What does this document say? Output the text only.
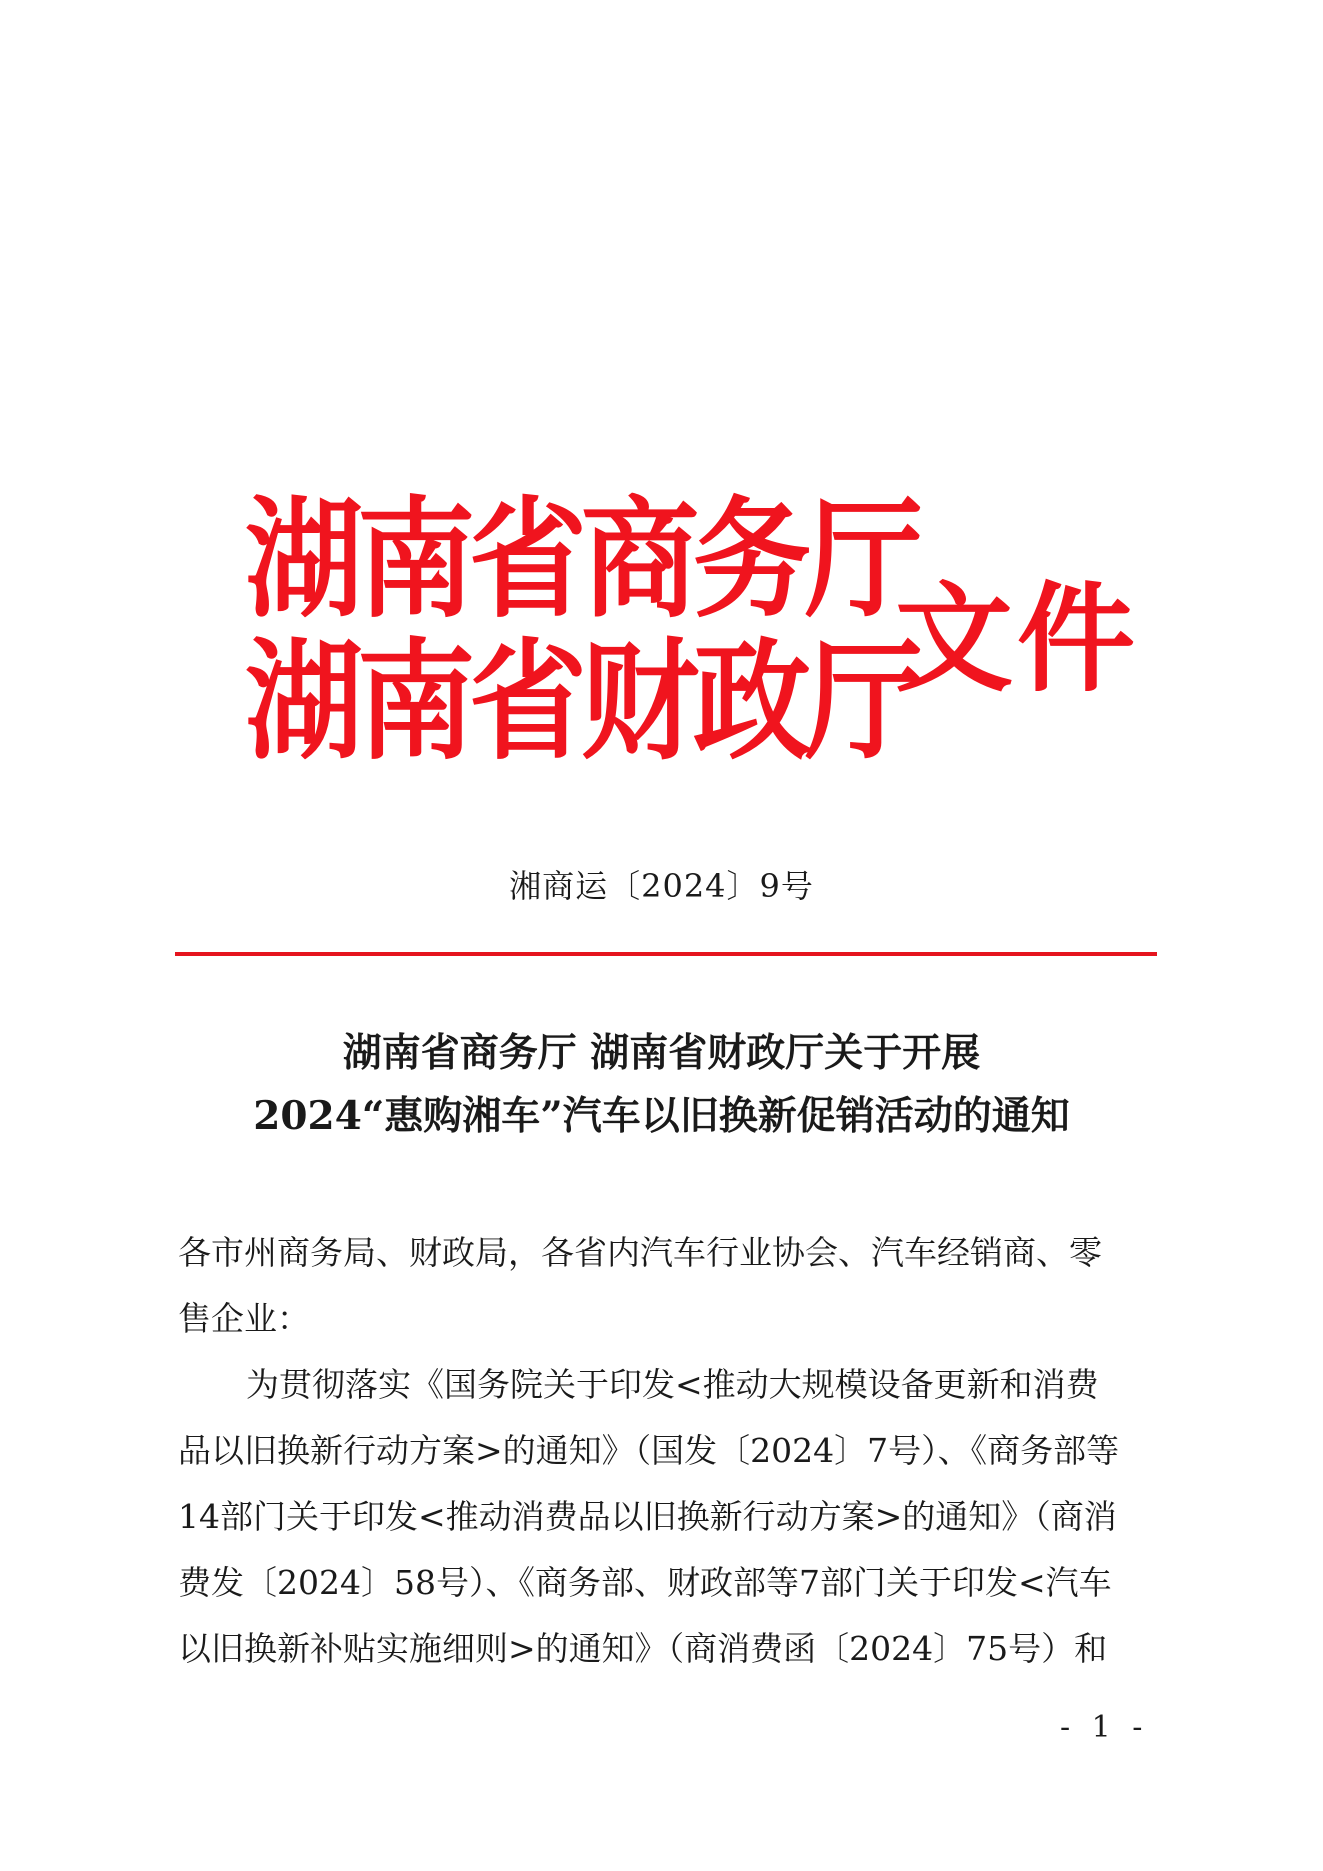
湖南省商务厅
湖南省财政厅
文件
湘商运〔2024〕9号
湖南省商务厅 湖南省财政厅关于开展
2024“惠购湘车”汽车以旧换新促销活动的通知
各市州商务局、财政局，各省内汽车行业协会、汽车经销商、零
售企业：
为贯彻落实《国务院关于印发<推动大规模设备更新和消费
品以旧换新行动方案>的通知》（国发〔2024〕7号）、《商务部等
14部门关于印发<推动消费品以旧换新行动方案>的通知》（商消
费发〔2024〕58号）、《商务部、财政部等7部门关于印发<汽车
以旧换新补贴实施细则>的通知》（商消费函〔2024〕75号）和
- 1 -
